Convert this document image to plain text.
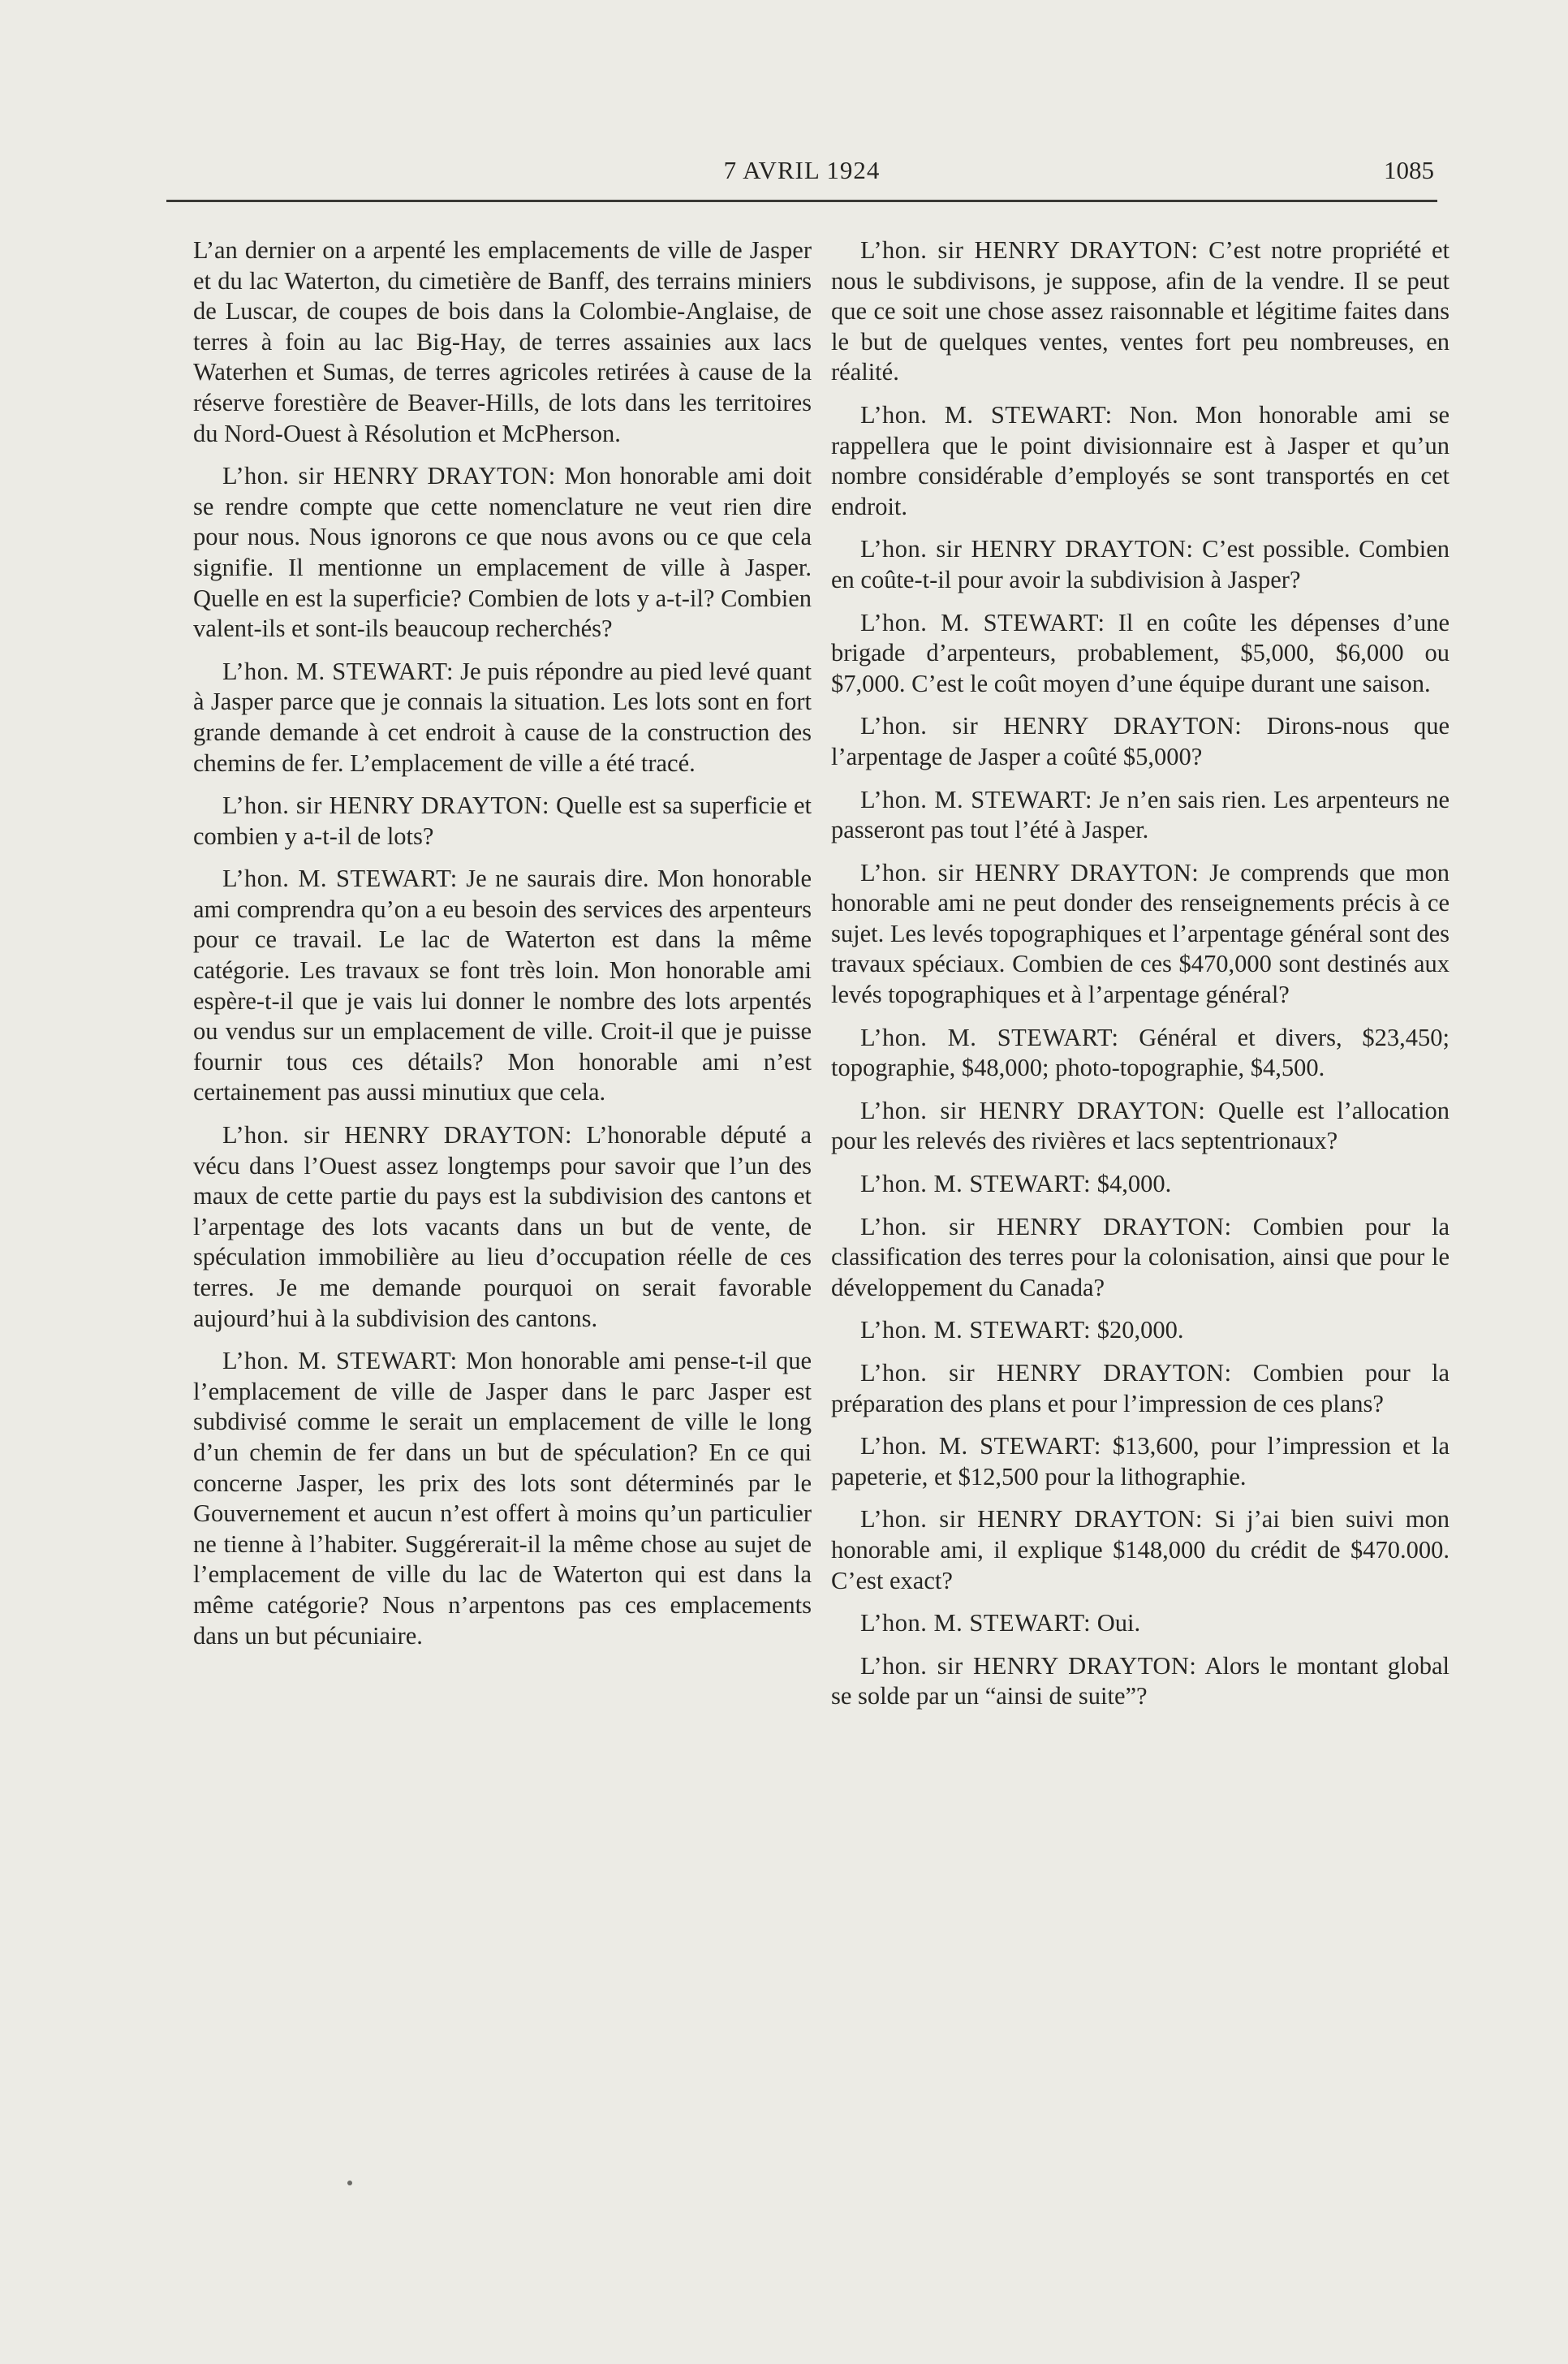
7 AVRIL 1924	1085

L’an dernier on a arpenté les emplacements de ville de Jasper et du lac Waterton, du cimetière de Banff, des terrains miniers de Luscar, de coupes de bois dans la Colombie-Anglaise, de terres à foin au lac Big-Hay, de terres assainies aux lacs Waterhen et Sumas, de terres agricoles retirées à cause de la réserve forestière de Beaver-Hills, de lots dans les territoires du Nord-Ouest à Résolution et McPherson.

L’hon. sir HENRY DRAYTON: Mon honorable ami doit se rendre compte que cette nomenclature ne veut rien dire pour nous. Nous ignorons ce que nous avons ou ce que cela signifie. Il mentionne un emplacement de ville à Jasper. Quelle en est la superficie? Combien de lots y a-t-il? Combien valent-ils et sont-ils beaucoup recherchés?

L’hon. M. STEWART: Je puis répondre au pied levé quant à Jasper parce que je connais la situation. Les lots sont en fort grande demande à cet endroit à cause de la construction des chemins de fer. L’emplacement de ville a été tracé.

L’hon. sir HENRY DRAYTON: Quelle est sa superficie et combien y a-t-il de lots?

L’hon. M. STEWART: Je ne saurais dire. Mon honorable ami comprendra qu’on a eu besoin des services des arpenteurs pour ce travail. Le lac de Waterton est dans la même catégorie. Les travaux se font très loin. Mon honorable ami espère-t-il que je vais lui donner le nombre des lots arpentés ou vendus sur un emplacement de ville. Croit-il que je puisse fournir tous ces détails? Mon honorable ami n’est certainement pas aussi minutiux que cela.

L’hon. sir HENRY DRAYTON: L’honorable député a vécu dans l’Ouest assez longtemps pour savoir que l’un des maux de cette partie du pays est la subdivision des cantons et l’arpentage des lots vacants dans un but de vente, de spéculation immobilière au lieu d’occupation réelle de ces terres. Je me demande pourquoi on serait favorable aujourd’hui à la subdivision des cantons.

L’hon. M. STEWART: Mon honorable ami pense-t-il que l’emplacement de ville de Jasper dans le parc Jasper est subdivisé comme le serait un emplacement de ville le long d’un chemin de fer dans un but de spéculation? En ce qui concerne Jasper, les prix des lots sont déterminés par le Gouvernement et aucun n’est offert à moins qu’un particulier ne tienne à l’habiter. Suggérerait-il la même chose au sujet de l’emplacement de ville du lac de Waterton qui est dans la même catégorie? Nous n’arpentons pas ces emplacements dans un but pécuniaire.

L’hon. sir HENRY DRAYTON: C’est notre propriété et nous le subdivisons, je suppose, afin de la vendre. Il se peut que ce soit une chose assez raisonnable et légitime faites dans le but de quelques ventes, ventes fort peu nombreuses, en réalité.

L’hon. M. STEWART: Non. Mon honorable ami se rappellera que le point divisionnaire est à Jasper et qu’un nombre considérable d’employés se sont transportés en cet endroit.

L’hon. sir HENRY DRAYTON: C’est possible. Combien en coûte-t-il pour avoir la subdivision à Jasper?

L’hon. M. STEWART: Il en coûte les dépenses d’une brigade d’arpenteurs, probablement, $5,000, $6,000 ou $7,000. C’est le coût moyen d’une équipe durant une saison.

L’hon. sir HENRY DRAYTON: Dirons-nous que l’arpentage de Jasper a coûté $5,000?

L’hon. M. STEWART: Je n’en sais rien. Les arpenteurs ne passeront pas tout l’été à Jasper.

L’hon. sir HENRY DRAYTON: Je comprends que mon honorable ami ne peut donder des renseignements précis à ce sujet. Les levés topographiques et l’arpentage général sont des travaux spéciaux. Combien de ces $470,000 sont destinés aux levés topographiques et à l’arpentage général?

L’hon. M. STEWART: Général et divers, $23,450; topographie, $48,000; photo-topographie, $4,500.

L’hon. sir HENRY DRAYTON: Quelle est l’allocation pour les relevés des rivières et lacs septentrionaux?

L’hon. M. STEWART: $4,000.

L’hon. sir HENRY DRAYTON: Combien pour la classification des terres pour la colonisation, ainsi que pour le développement du Canada?

L’hon. M. STEWART: $20,000.

L’hon. sir HENRY DRAYTON: Combien pour la préparation des plans et pour l’impression de ces plans?

L’hon. M. STEWART: $13,600, pour l’impression et la papeterie, et $12,500 pour la lithographie.

L’hon. sir HENRY DRAYTON: Si j’ai bien suivi mon honorable ami, il explique $148,000 du crédit de $470.000. C’est exact?

L’hon. M. STEWART: Oui.

L’hon. sir HENRY DRAYTON: Alors le montant global se solde par un “ainsi de suite”?
